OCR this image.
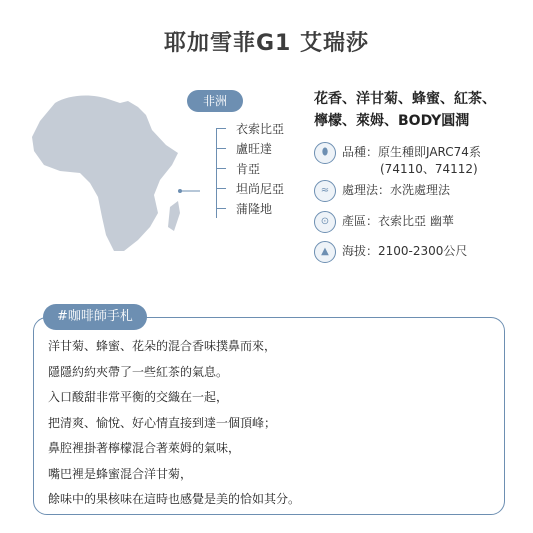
耶加雪菲G1 艾瑞莎
非洲
衣索比亞
盧旺達
肯亞
坦尚尼亞
蒲隆地
花香、洋甘菊、蜂蜜、紅茶、
檸檬、萊姆、BODY圓潤
⬮	品種：原生種即JARC74系
(74110、74112)
≈	處理法：水洗處理法
⊙	產區：衣索比亞 幽華
▲	海拔：2100-2300公尺
#咖啡師手札
洋甘菊、蜂蜜、花朵的混合香味撲鼻而來，
隱隱約約夾帶了一些紅茶的氣息。
入口酸甜非常平衡的交織在一起，
把清爽、愉悅、好心情直接到達一個頂峰；
鼻腔裡掛著檸檬混合著萊姆的氣味，
嘴巴裡是蜂蜜混合洋甘菊，
餘味中的果核味在這時也感覺是美的恰如其分。
